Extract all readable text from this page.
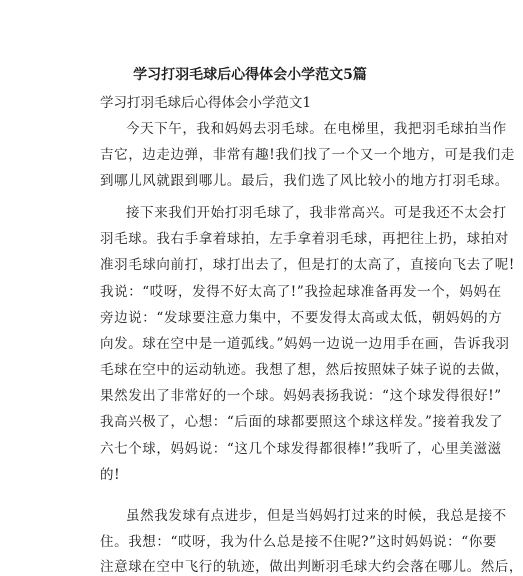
学习打羽毛球后心得体会小学范文5篇
学习打羽毛球后心得体会小学范文1
今天下午，我和妈妈去羽毛球。在电梯里，我把羽毛球拍当作
吉它，边走边弹，非常有趣!我们找了一个又一个地方，可是我们走
到哪儿风就跟到哪儿。最后，我们选了风比较小的地方打羽毛球。
接下来我们开始打羽毛球了，我非常高兴。可是我还不太会打
羽毛球。我右手拿着球拍，左手拿着羽毛球，再把往上扔，球拍对
准羽毛球向前打，球打出去了，但是打的太高了，直接向飞去了呢!
我说：“哎呀，发得不好太高了!”我捡起球准备再发一个，妈妈在
旁边说：“发球要注意力集中，不要发得太高或太低，朝妈妈的方
向发。球在空中是一道弧线。”妈妈一边说一边用手在画，告诉我羽
毛球在空中的运动轨迹。我想了想，然后按照妹子妹子说的去做，
果然发出了非常好的一个球。妈妈表扬我说：“这个球发得很好!”
我高兴极了，心想：“后面的球都要照这个球这样发。”接着我发了
六七个球，妈妈说：“这几个球发得都很棒!”我听了，心里美滋滋
的!
虽然我发球有点进步，但是当妈妈打过来的时候，我总是接不
住。我想：“哎呀，我为什么总是接不住呢?”这时妈妈说：“你要
注意球在空中飞行的轨迹，做出判断羽毛球大约会落在哪儿。然后，
